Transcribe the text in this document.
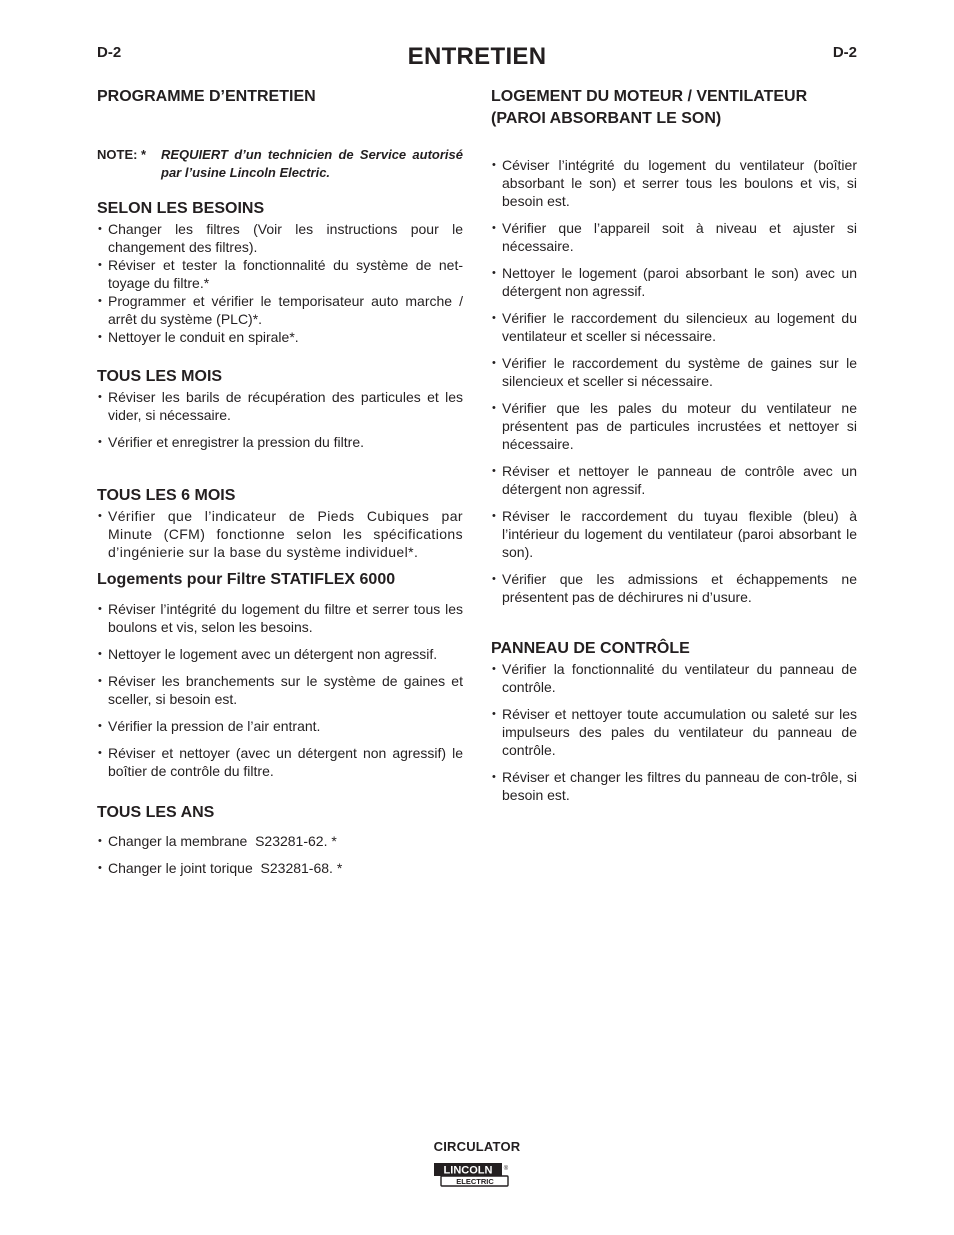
D-2	ENTRETIEN	D-2
PROGRAMME D’ENTRETIEN

NOTE: * REQUIERT d’un technicien de Service autorisé par l’usine Lincoln Electric.

SELON LES BESOINS
• Changer les filtres (Voir les instructions pour le changement des filtres).
• Réviser et tester la fonctionnalité du système de net-toyage du filtre.*
• Programmer et vérifier le temporisateur auto marche / arrêt du système (PLC)*.
• Nettoyer le conduit en spirale*.
TOUS LES MOIS
• Réviser les barils de récupération des particules et les vider, si nécessaire.
• Vérifier et enregistrer la pression du filtre.
TOUS LES 6 MOIS
• Vérifier que l’indicateur de Pieds Cubiques par Minute (CFM) fonctionne selon les spécifications d’ingénierie sur la base du système individuel*.
Logements pour Filtre STATIFLEX 6000
• Réviser l’intégrité du logement du filtre et serrer tous les boulons et vis, selon les besoins.
• Nettoyer le logement avec un détergent non agressif.
• Réviser les branchements sur le système de gaines et sceller, si besoin est.
• Vérifier la pression de l’air entrant.
• Réviser et nettoyer (avec un détergent non agressif) le boîtier de contrôle du filtre.
TOUS LES ANS
• Changer la membrane  S23281-62. *
• Changer le joint torique  S23281-68. *
LOGEMENT DU MOTEUR / VENTILATEUR
(PAROI ABSORBANT LE SON)
• Céviser l’intégrité du logement du ventilateur (boîtier absorbant le son) et serrer tous les boulons et vis, si besoin est.
• Vérifier que l’appareil soit à niveau et ajuster si nécessaire.
• Nettoyer le logement (paroi absorbant le son) avec un détergent non agressif.
• Vérifier le raccordement du silencieux au logement du ventilateur et sceller si nécessaire.
• Vérifier le raccordement du système de gaines sur le silencieux et sceller si nécessaire.
• Vérifier que les pales du moteur du ventilateur ne présentent pas de particules incrustées et nettoyer si nécessaire.
• Réviser et nettoyer le panneau de contrôle avec un détergent non agressif.
• Réviser le raccordement du tuyau flexible (bleu) à l’intérieur du logement du ventilateur (paroi absorbant le son).
• Vérifier que les admissions et échappements ne présentent pas de déchirures ni d’usure.
PANNEAU DE CONTRÔLE
• Vérifier la fonctionnalité du ventilateur du panneau de contrôle.
• Réviser et nettoyer toute accumulation ou saleté sur les impulseurs des pales du ventilateur du panneau de contrôle.
• Réviser et changer les filtres du panneau de con-trôle, si besoin est.
CIRCULATOR
LINCOLN ®
ELECTRIC
